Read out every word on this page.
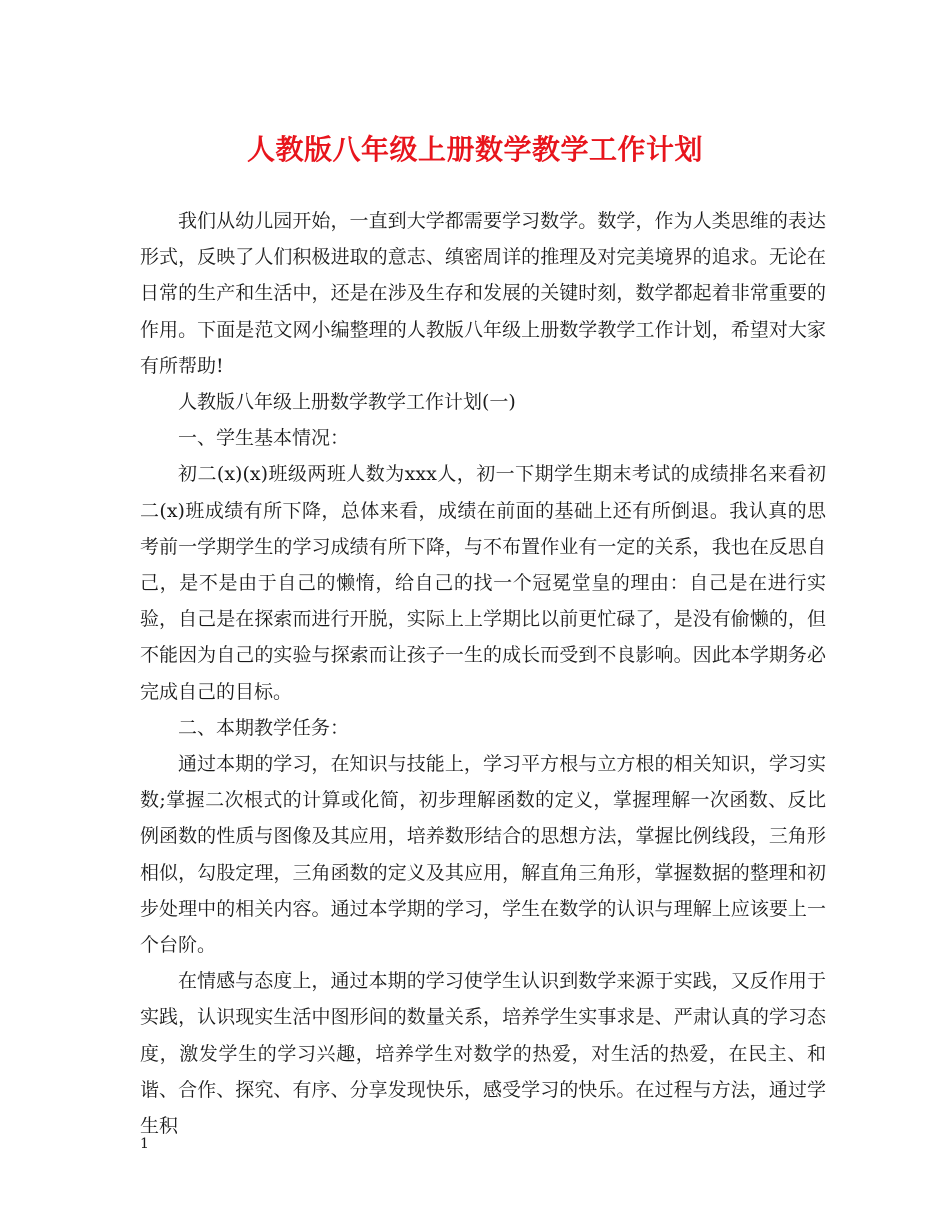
人教版八年级上册数学教学工作计划

我们从幼儿园开始，一直到大学都需要学习数学。数学，作为人类思维的表达形式，反映了人们积极进取的意志、缜密周详的推理及对完美境界的追求。无论在日常的生产和生活中，还是在涉及生存和发展的关键时刻，数学都起着非常重要的作用。下面是范文网小编整理的人教版八年级上册数学教学工作计划，希望对大家有所帮助!

人教版八年级上册数学教学工作计划(一)

一、学生基本情况：

初二(x)(x)班级两班人数为xxx人，初一下期学生期末考试的成绩排名来看初二(x)班成绩有所下降，总体来看，成绩在前面的基础上还有所倒退。我认真的思考前一学期学生的学习成绩有所下降，与不布置作业有一定的关系，我也在反思自己，是不是由于自己的懒惰，给自己的找一个冠冕堂皇的理由：自己是在进行实验，自己是在探索而进行开脱，实际上上学期比以前更忙碌了，是没有偷懒的，但不能因为自己的实验与探索而让孩子一生的成长而受到不良影响。因此本学期务必完成自己的目标。

二、本期教学任务：

通过本期的学习，在知识与技能上，学习平方根与立方根的相关知识，学习实数;掌握二次根式的计算或化简，初步理解函数的定义，掌握理解一次函数、反比例函数的性质与图像及其应用，培养数形结合的思想方法，掌握比例线段，三角形相似，勾股定理，三角函数的定义及其应用，解直角三角形，掌握数据的整理和初步处理中的相关内容。通过本学期的学习，学生在数学的认识与理解上应该要上一个台阶。

在情感与态度上，通过本期的学习使学生认识到数学来源于实践，又反作用于实践，认识现实生活中图形间的数量关系，培养学生实事求是、严肃认真的学习态度，激发学生的学习兴趣，培养学生对数学的热爱，对生活的热爱，在民主、和谐、合作、探究、有序、分享发现快乐，感受学习的快乐。在过程与方法，通过学生积

1
